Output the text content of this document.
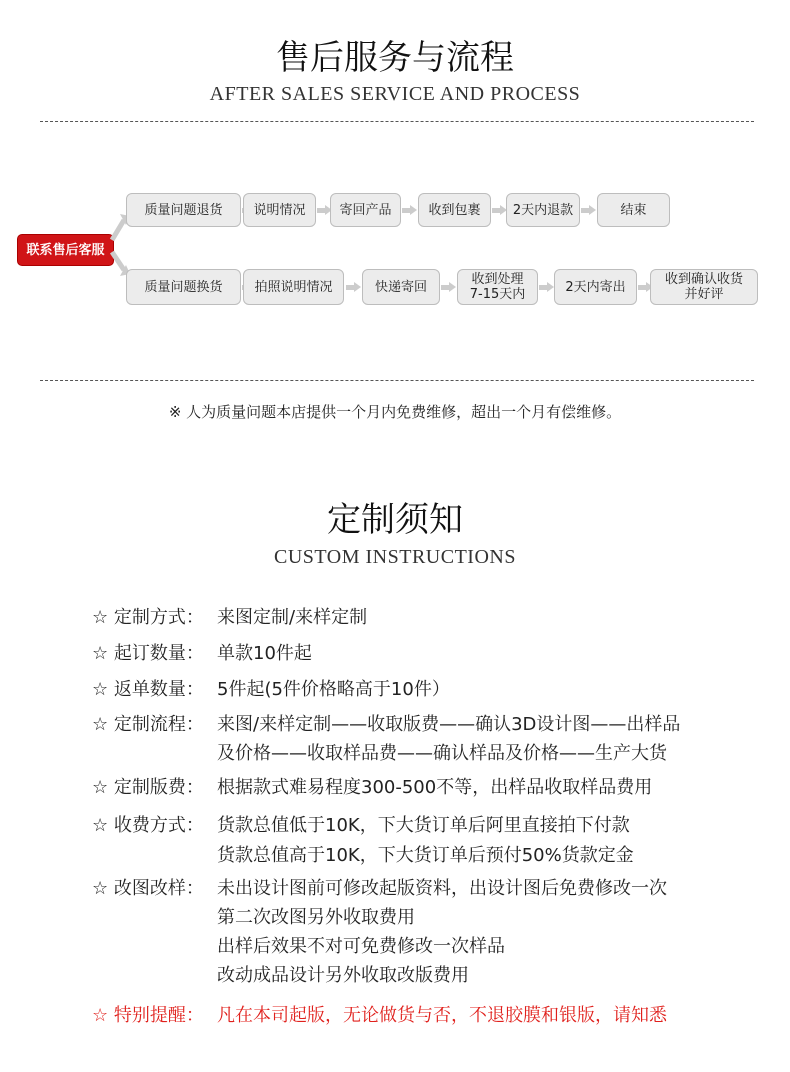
售后服务与流程
AFTER SALES SERVICE AND PROCESS
联系售后客服
※ 人为质量问题本店提供一个月内免费维修，超出一个月有偿维修。
定制须知
CUSTOM INSTRUCTIONS
质量问题退货	说明情况	寄回产品	收到包裹	2天内退款	结束
质量问题换货	拍照说明情况	快递寄回	收到处理
7-15天内	2天内寄出	收到确认收货
并好评
☆ 定制方式： 来图定制/来样定制
☆ 起订数量： 单款10件起
☆ 返单数量： 5件起(5件价格略高于10件）
☆ 定制流程： 来图/来样定制——收取版费——确认3D设计图——出样品
及价格——收取样品费——确认样品及价格——生产大货
☆ 定制版费： 根据款式难易程度300-500不等，出样品收取样品费用
☆ 收费方式： 货款总值低于10K，下大货订单后阿里直接拍下付款
货款总值高于10K，下大货订单后预付50%货款定金
☆ 改图改样： 未出设计图前可修改起版资料，出设计图后免费修改一次
第二次改图另外收取费用
出样后效果不对可免费修改一次样品
改动成品设计另外收取改版费用
☆ 特别提醒： 凡在本司起版，无论做货与否，不退胶膜和银版，请知悉
